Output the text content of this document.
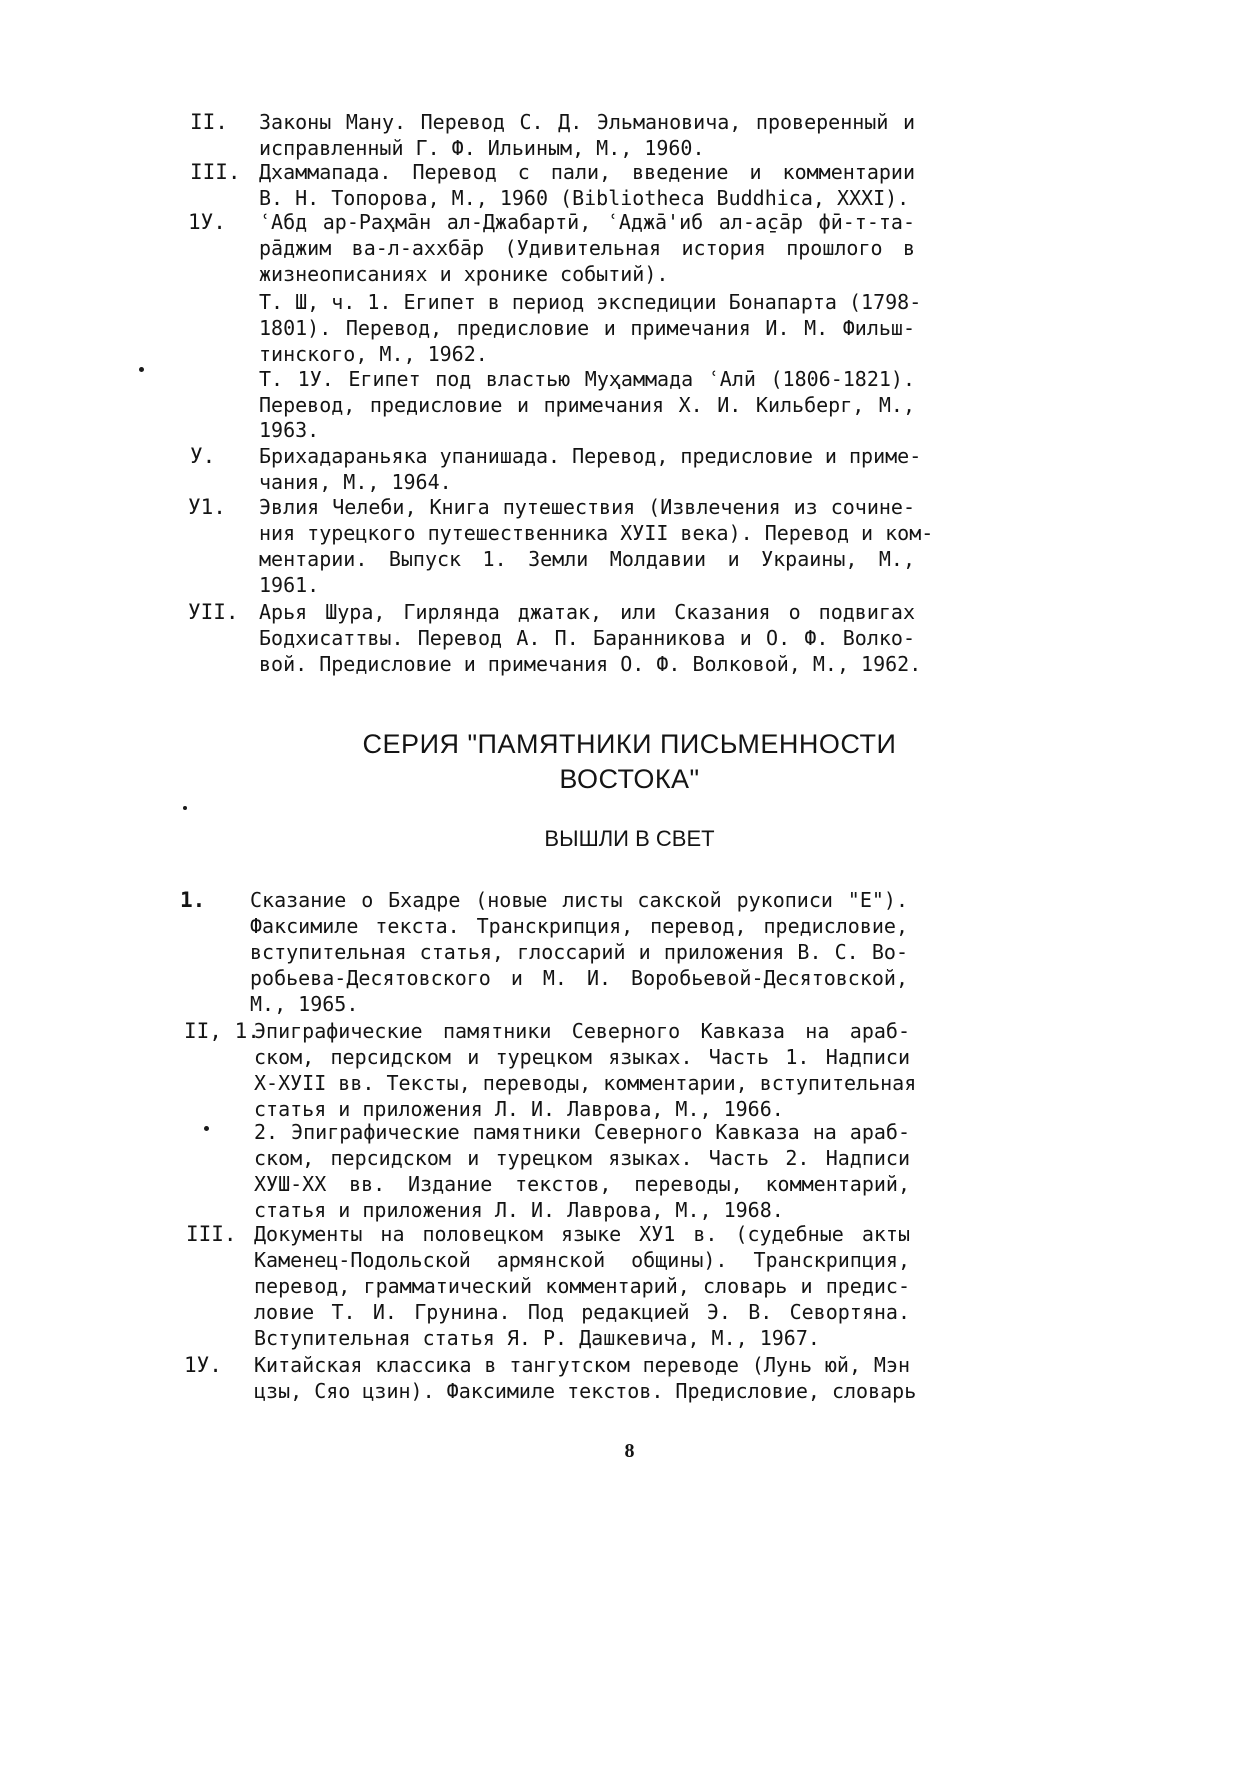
II. Законы Ману. Перевод С. Д. Эльмановича, проверенный и
исправленный Г. Ф. Ильиным, М., 1960.
III. Дхаммапада. Перевод с пали, введение и комментарии
В. Н. Топорова, М., 1960 (Bibliotheca Buddhica, XXXI).
1У. ʿАбд ар-Раҳма̄н ал-Джабартӣ, ʿАджа̄'иб ал-а̱са̄р фӣ-т-та-
ра̄джим ва-л-аххба̄р (Удивительная история прошлого в
жизнеописаниях и хронике событий).
Т. Ш, ч. 1. Египет в период экспедиции Бонапарта (1798-
1801). Перевод, предисловие и примечания И. М. Фильш-
тинского, М., 1962.
Т. 1У. Египет под властью Муҳаммада ʿАлӣ (1806-1821).
Перевод, предисловие и примечания Х. И. Кильберг, М.,
1963.
У. Брихадараньяка упанишада. Перевод, предисловие и приме-
чания, М., 1964.
У1. Эвлия Челеби, Книга путешествия (Извлечения из сочине-
ния турецкого путешественника ХУII века). Перевод и ком-
ментарии. Выпуск 1. Земли Молдавии и Украины, М.,
1961.
УII. Арья Шура, Гирлянда джатак, или Сказания о подвигах
Бодхисаттвы. Перевод А. П. Баранникова и О. Ф. Волко-
вой. Предисловие и примечания О. Ф. Волковой, М., 1962.
СЕРИЯ "ПАМЯТНИКИ ПИСЬМЕННОСТИ
ВОСТОКА"
ВЫШЛИ В СВЕТ
1. Сказание о Бхадре (новые листы сакской рукописи "Е").
Факсимиле текста. Транскрипция, перевод, предисловие,
вступительная статья, глоссарий и приложения В. С. Во-
робьева-Десятовского и М. И. Воробьевой-Десятовской,
М., 1965.
II, 1.
Эпиграфические памятники Северного Кавказа на араб-
ском, персидском и турецком языках. Часть 1. Надписи
Х-ХУII вв. Тексты, переводы, комментарии, вступительная
статья и приложения Л. И. Лаврова, М., 1966.
2. Эпиграфические памятники Северного Кавказа на араб-
ском, персидском и турецком языках. Часть 2. Надписи
ХУШ-ХХ вв. Издание текстов, переводы, комментарий,
статья и приложения Л. И. Лаврова, М., 1968.
III. Документы на половецком языке ХУ1 в. (судебные акты
Каменец-Подольской армянской общины). Транскрипция,
перевод, грамматический комментарий, словарь и предис-
ловие Т. И. Грунина. Под редакцией Э. В. Севортяна.
Вступительная статья Я. Р. Дашкевича, М., 1967.
1У. Китайская классика в тангутском переводе (Лунь юй, Мэн
цзы, Сяо цзин). Факсимиле текстов. Предисловие, словарь
8
